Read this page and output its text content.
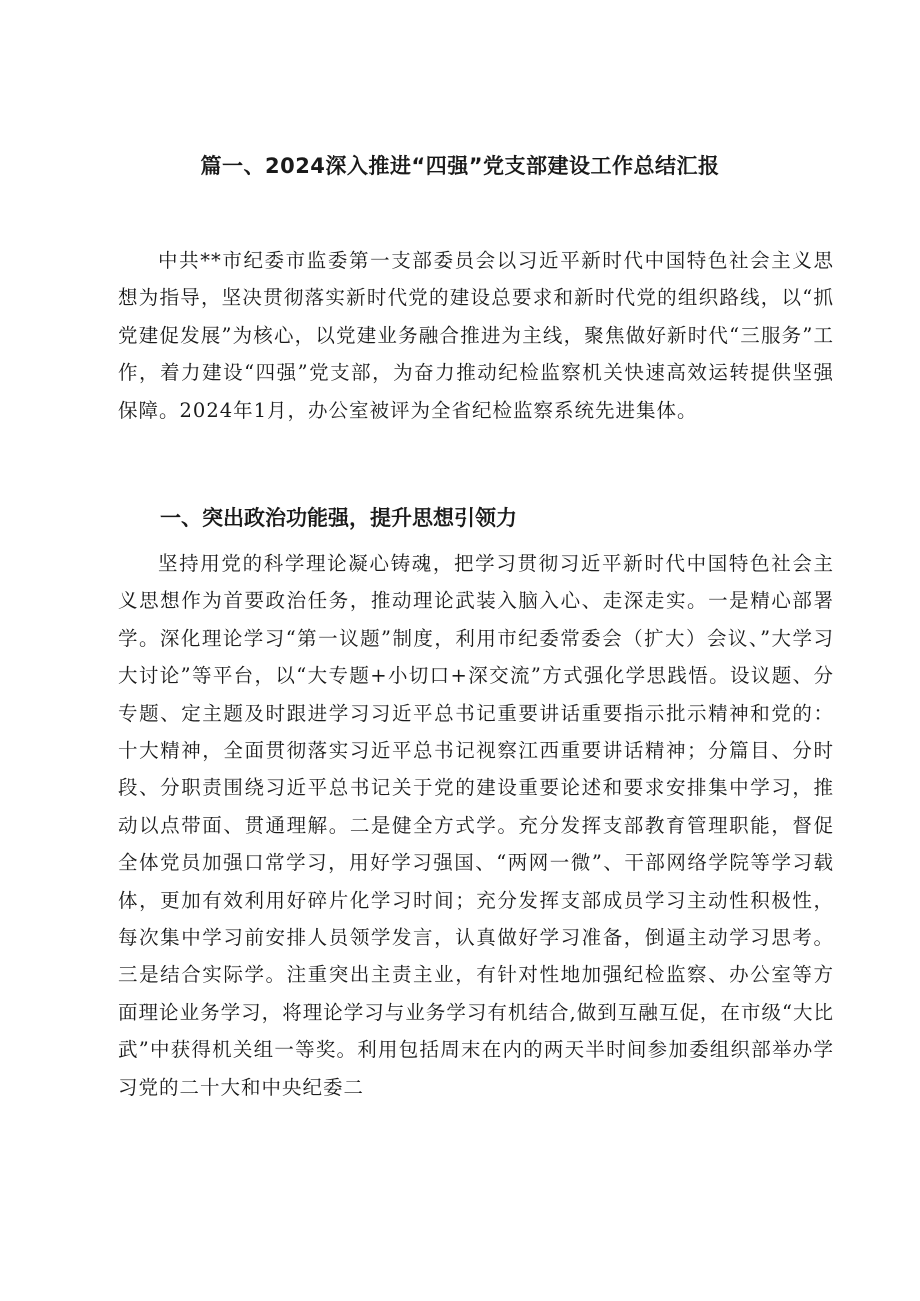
篇一、2024深入推进“四强”党支部建设工作总结汇报

中共**市纪委市监委第一支部委员会以习近平新时代中国特色社会主义思想为指导，坚决贯彻落实新时代党的建设总要求和新时代党的组织路线，以“抓党建促发展”为核心，以党建业务融合推进为主线，聚焦做好新时代“三服务”工作，着力建设“四强”党支部，为奋力推动纪检监察机关快速高效运转提供坚强保障。2024年1月，办公室被评为全省纪检监察系统先进集体。

一、突出政治功能强，提升思想引领力

坚持用党的科学理论凝心铸魂，把学习贯彻习近平新时代中国特色社会主义思想作为首要政治任务，推动理论武装入脑入心、走深走实。一是精心部署学。深化理论学习“第一议题”制度，利用市纪委常委会（扩大）会议、”大学习大讨论”等平台，以“大专题+小切口+深交流”方式强化学思践悟。设议题、分专题、定主题及时跟进学习习近平总书记重要讲话重要指示批示精神和党的：十大精神，全面贯彻落实习近平总书记视察江西重要讲话精神；分篇目、分时段、分职责围绕习近平总书记关于党的建设重要论述和要求安排集中学习，推动以点带面、贯通理解。二是健全方式学。充分发挥支部教育管理职能，督促全体党员加强口常学习，用好学习强国、“两网一微”、干部网络学院等学习载体，更加有效利用好碎片化学习时间；充分发挥支部成员学习主动性积极性，每次集中学习前安排人员领学发言，认真做好学习准备，倒逼主动学习思考。三是结合实际学。注重突出主责主业，有针对性地加强纪检监察、办公室等方面理论业务学习，将理论学习与业务学习有机结合,做到互融互促，在市级“大比武”中获得机关组一等奖。利用包括周末在内的两天半时间参加委组织部举办学习党的二十大和中央纪委二
